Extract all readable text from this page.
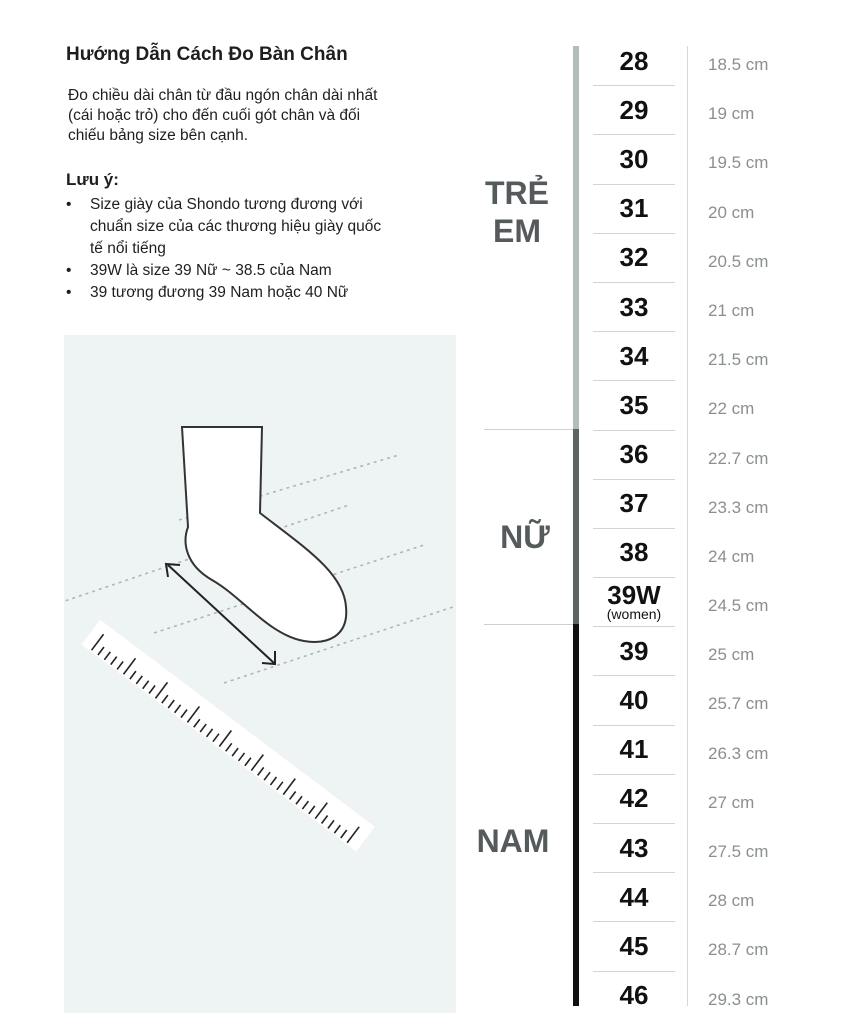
Hướng Dẫn Cách Đo Bàn Chân

Đo chiều dài chân từ đầu ngón chân dài nhất
(cái hoặc trỏ) cho đến cuối gót chân và đối
chiếu bảng size bên cạnh.

Lưu ý:
• Size giày của Shondo tương đương với
chuẩn size của các thương hiệu giày quốc
tế nổi tiếng
• 39W là size 39 Nữ ~ 38.5 của Nam
• 39 tương đương 39 Nam hoặc 40 Nữ
TRẺ
EM
NỮ
NAM
28	18.5 cm
29	19 cm
30	19.5 cm
31	20 cm
32	20.5 cm
33	21 cm
34	21.5 cm
35	22 cm
36	22.7 cm
37	23.3 cm
38	24 cm
39W
(women)	24.5 cm
39	25 cm
40	25.7 cm
41	26.3 cm
42	27 cm
43	27.5 cm
44	28 cm
45	28.7 cm
46	29.3 cm
